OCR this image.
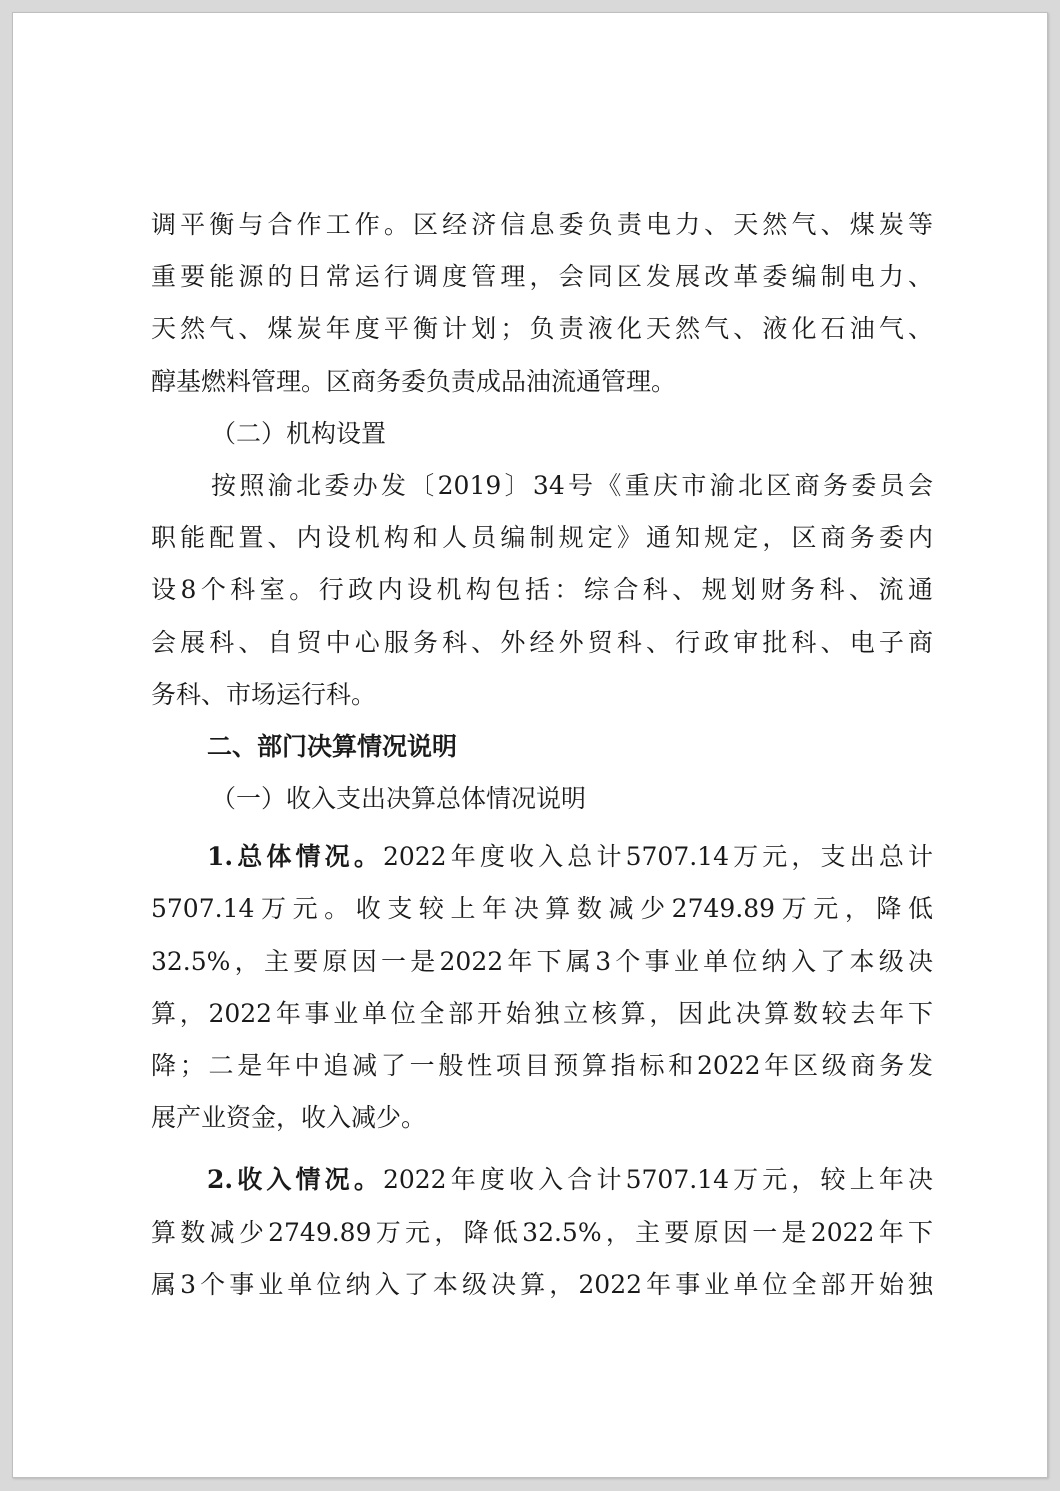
调平衡与合作工作。区经济信息委负责电力、天然气、煤炭等
重要能源的日常运行调度管理，会同区发展改革委编制电力、
天然气、煤炭年度平衡计划；负责液化天然气、液化石油气、
醇基燃料管理。区商务委负责成品油流通管理。
（二）机构设置
按照渝北委办发〔2019〕34号《重庆市渝北区商务委员会
职能配置、内设机构和人员编制规定》通知规定，区商务委内
设8个科室。行政内设机构包括：综合科、规划财务科、流通
会展科、自贸中心服务科、外经外贸科、行政审批科、电子商
务科、市场运行科。
二、部门决算情况说明
（一）收入支出决算总体情况说明
1.总体情况。2022年度收入总计5707.14万元，支出总计
5707.14万元。收支较上年决算数减少2749.89万元，降低
32.5%，主要原因一是2022年下属3个事业单位纳入了本级决
算，2022年事业单位全部开始独立核算，因此决算数较去年下
降；二是年中追减了一般性项目预算指标和2022年区级商务发
展产业资金，收入减少。
2.收入情况。2022年度收入合计5707.14万元，较上年决
算数减少2749.89万元，降低32.5%，主要原因一是2022年下
属3个事业单位纳入了本级决算，2022年事业单位全部开始独
